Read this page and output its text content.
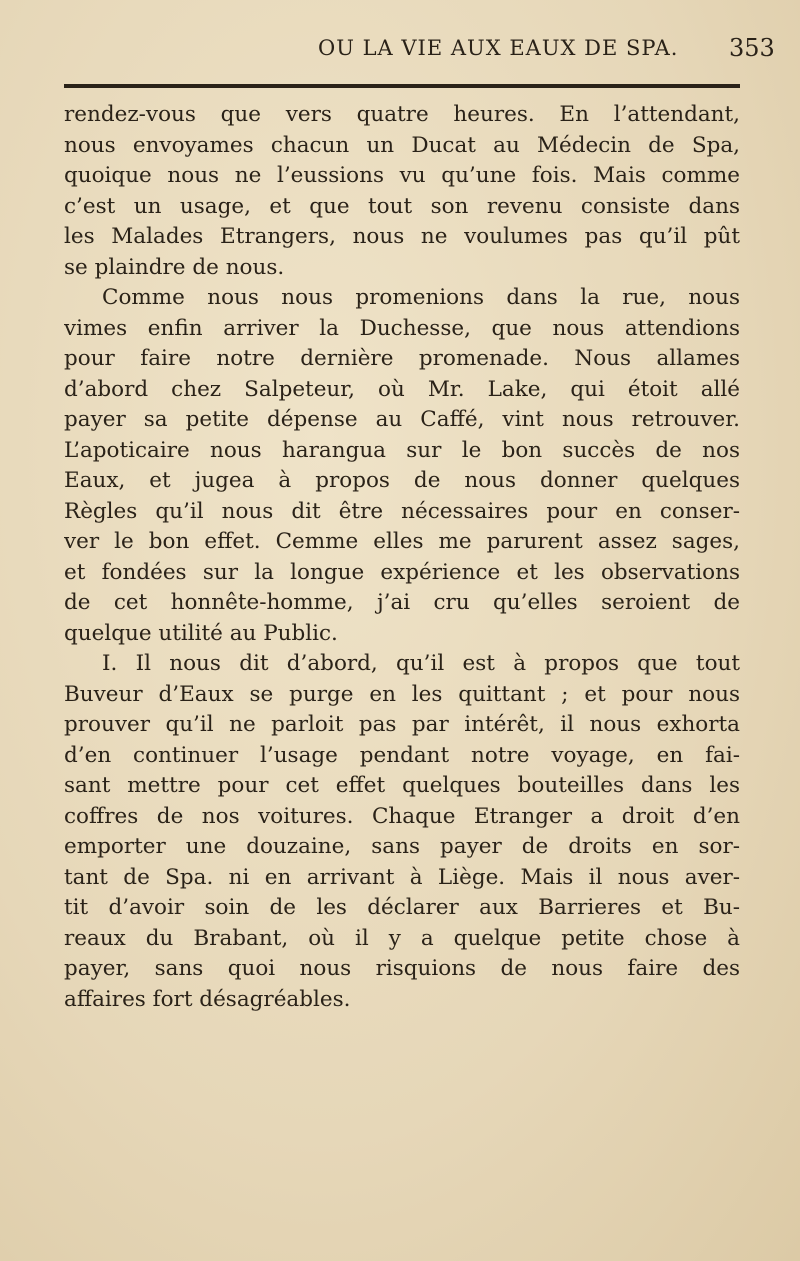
OU LA VIE AUX EAUX DE SPA. 353
rendez-vous que vers quatre heures. En l’attendant,
nous envoyames chacun un Ducat au Médecin de Spa,
quoique nous ne l’eussions vu qu’une fois. Mais comme
c’est un usage, et que tout son revenu consiste dans
les Malades Etrangers, nous ne voulumes pas qu’il pût
se plaindre de nous.
Comme nous nous promenions dans la rue, nous
vimes enfin arriver la Duchesse, que nous attendions
pour faire notre dernière promenade. Nous allames
d’abord chez Salpeteur, où Mr. Lake, qui étoit allé
payer sa petite dépense au Caffé, vint nous retrouver.
L’apoticaire nous harangua sur le bon succès de nos
Eaux, et jugea à propos de nous donner quelques
Règles qu’il nous dit être nécessaires pour en conser-
ver le bon effet. Cemme elles me parurent assez sages,
et fondées sur la longue expérience et les observations
de cet honnête-homme, j’ai cru qu’elles seroient de
quelque utilité au Public.
I. Il nous dit d’abord, qu’il est à propos que tout
Buveur d’Eaux se purge en les quittant ; et pour nous
prouver qu’il ne parloit pas par intérêt, il nous exhorta
d’en continuer l’usage pendant notre voyage, en fai-
sant mettre pour cet effet quelques bouteilles dans les
coffres de nos voitures. Chaque Etranger a droit d’en
emporter une douzaine, sans payer de droits en sor-
tant de Spa. ni en arrivant à Liège. Mais il nous aver-
tit d’avoir soin de les déclarer aux Barrieres et Bu-
reaux du Brabant, où il y a quelque petite chose à
payer, sans quoi nous risquions de nous faire des
affaires fort désagréables.
